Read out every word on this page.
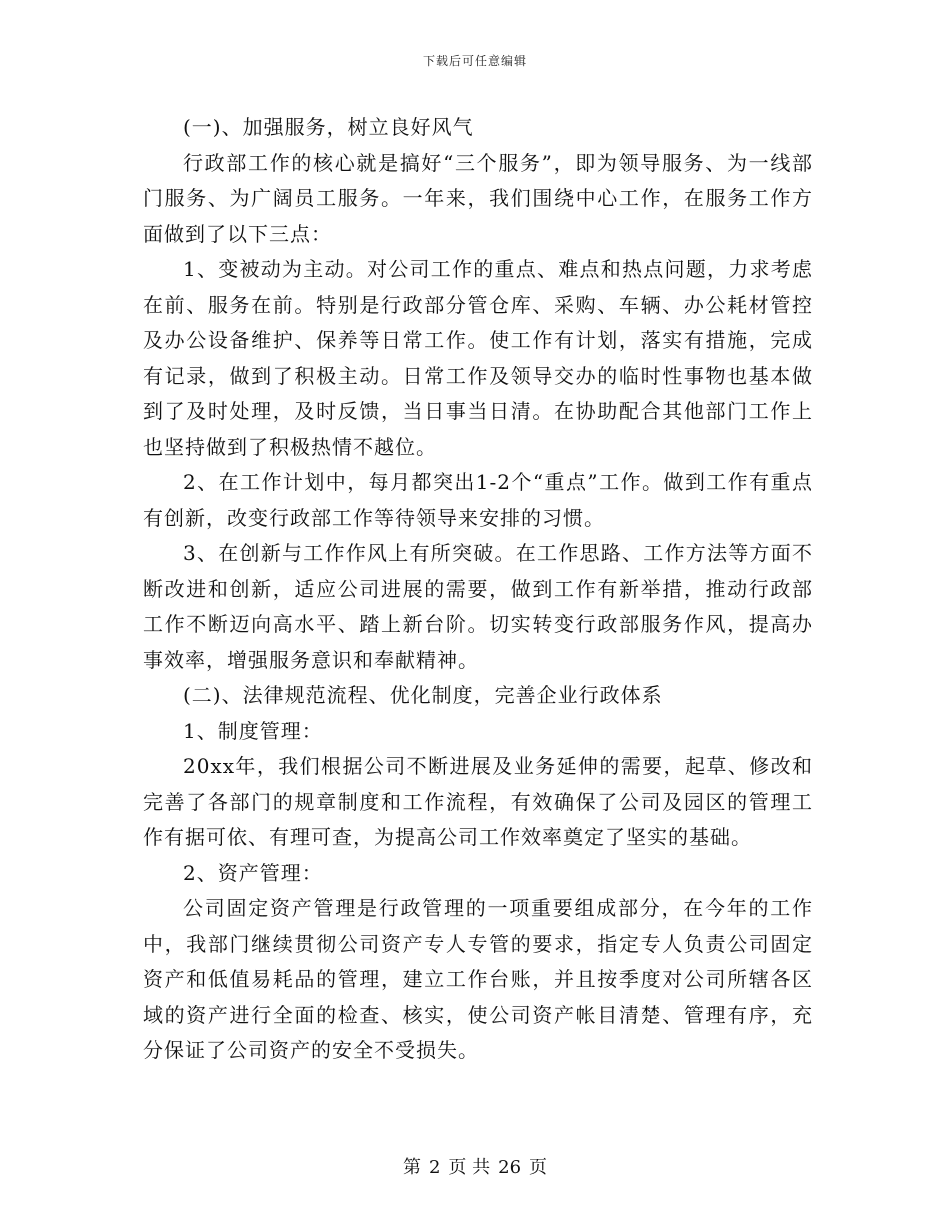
下载后可任意编辑

(一)、加强服务，树立良好风气

行政部工作的核心就是搞好“三个服务”，即为领导服务、为一线部门服务、为广阔员工服务。一年来，我们围绕中心工作，在服务工作方面做到了以下三点：

1、变被动为主动。对公司工作的重点、难点和热点问题，力求考虑在前、服务在前。特别是行政部分管仓库、采购、车辆、办公耗材管控及办公设备维护、保养等日常工作。使工作有计划，落实有措施，完成有记录，做到了积极主动。日常工作及领导交办的临时性事物也基本做到了及时处理，及时反馈，当日事当日清。在协助配合其他部门工作上也坚持做到了积极热情不越位。

2、在工作计划中，每月都突出1-2个“重点”工作。做到工作有重点有创新，改变行政部工作等待领导来安排的习惯。

3、在创新与工作作风上有所突破。在工作思路、工作方法等方面不断改进和创新，适应公司进展的需要，做到工作有新举措，推动行政部工作不断迈向高水平、踏上新台阶。切实转变行政部服务作风，提高办事效率，增强服务意识和奉献精神。

(二)、法律规范流程、优化制度，完善企业行政体系

1、制度管理：

20xx年，我们根据公司不断进展及业务延伸的需要，起草、修改和完善了各部门的规章制度和工作流程，有效确保了公司及园区的管理工作有据可依、有理可查，为提高公司工作效率奠定了坚实的基础。

2、资产管理：

公司固定资产管理是行政管理的一项重要组成部分，在今年的工作中，我部门继续贯彻公司资产专人专管的要求，指定专人负责公司固定资产和低值易耗品的管理，建立工作台账，并且按季度对公司所辖各区域的资产进行全面的检查、核实，使公司资产帐目清楚、管理有序，充分保证了公司资产的安全不受损失。

第 2 页 共 26 页
